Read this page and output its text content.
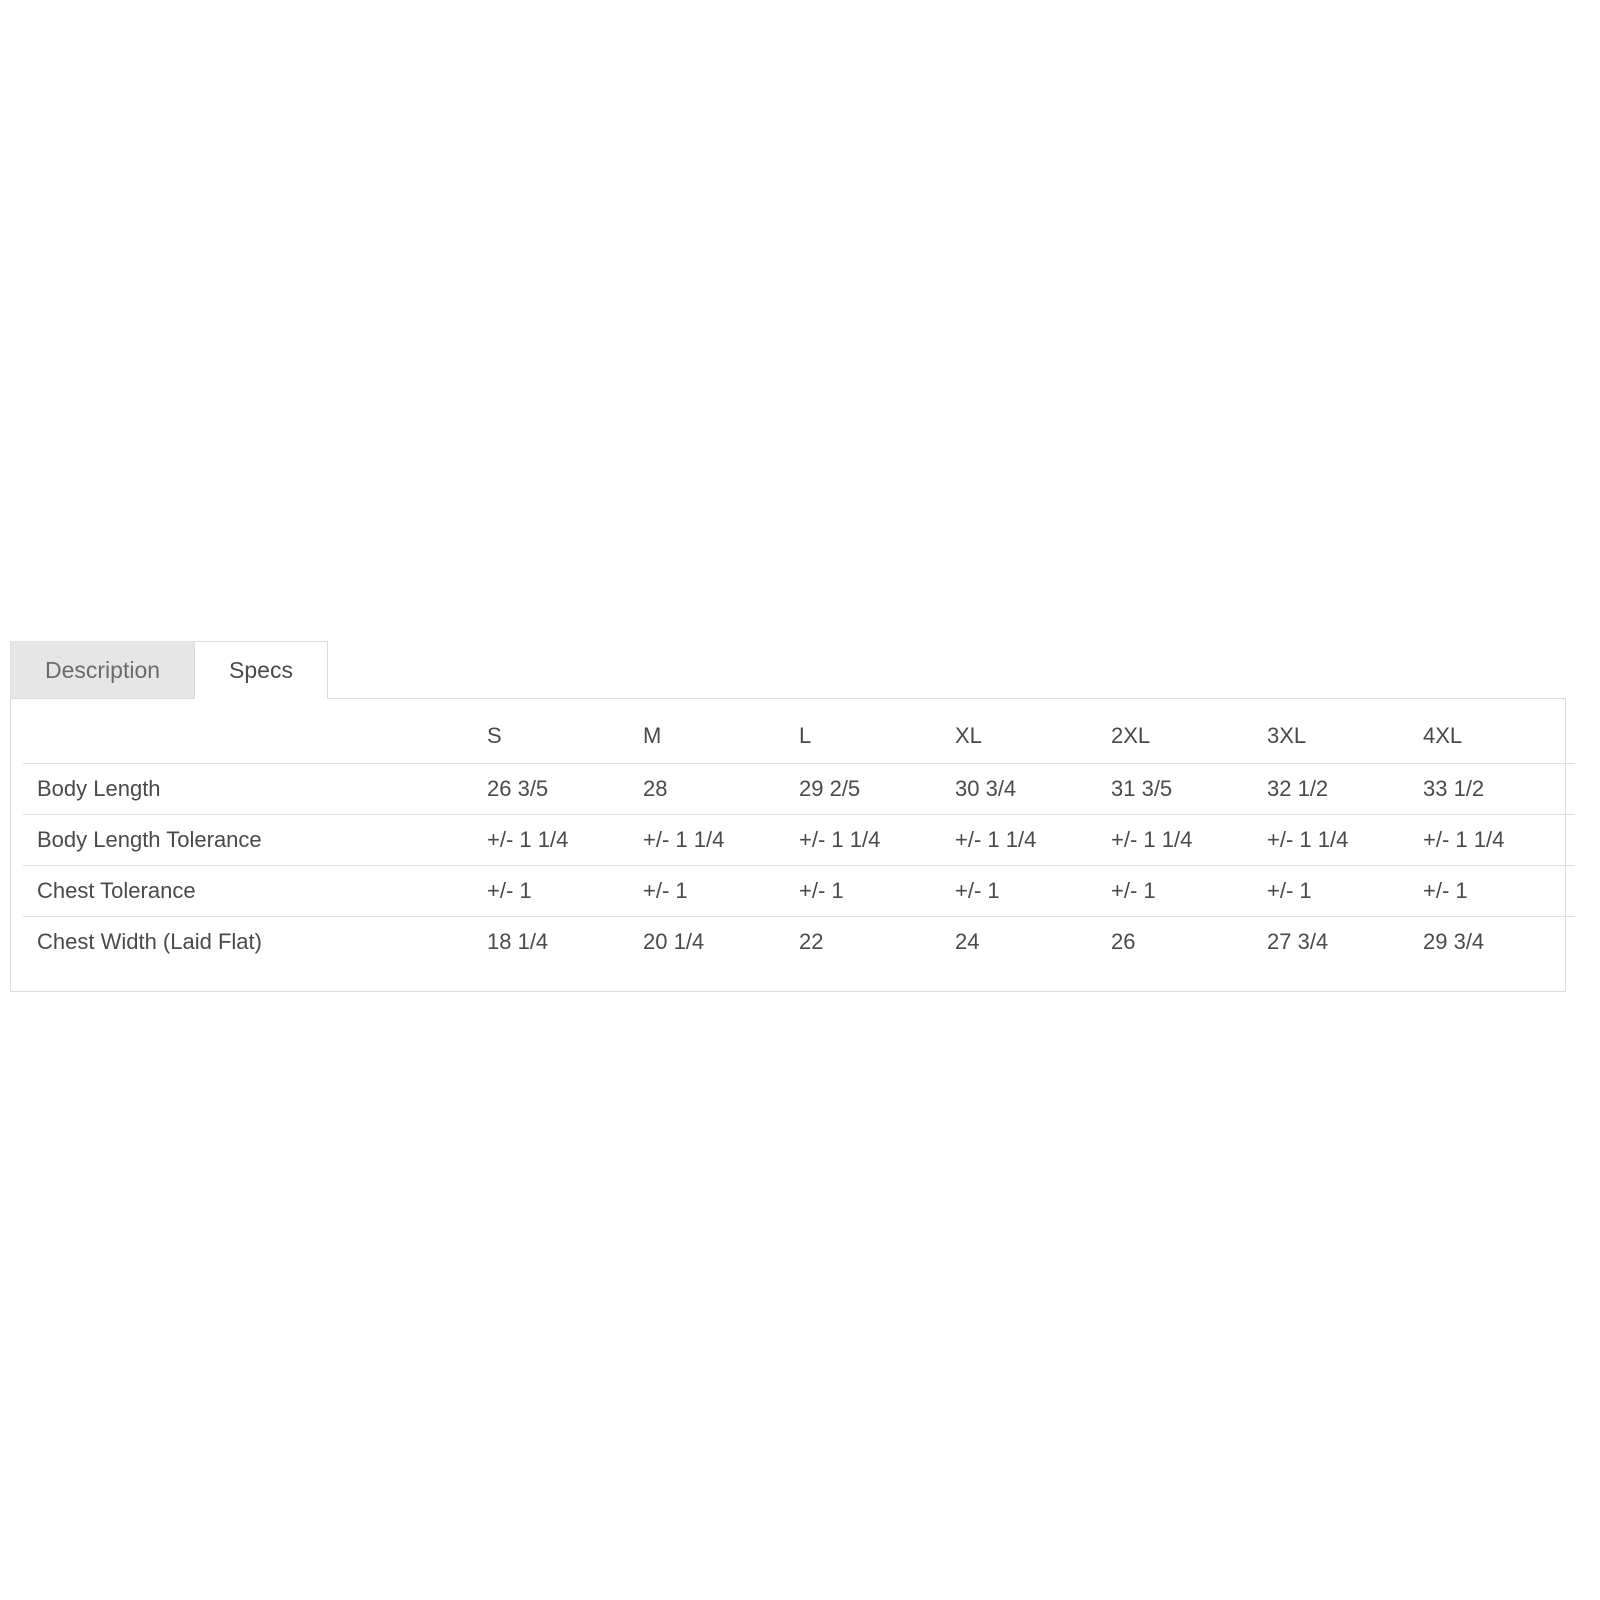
Description	Specs
	S	M	L	XL	2XL	3XL	4XL
Body Length	26 3/5	28	29 2/5	30 3/4	31 3/5	32 1/2	33 1/2
Body Length Tolerance	+/- 1 1/4	+/- 1 1/4	+/- 1 1/4	+/- 1 1/4	+/- 1 1/4	+/- 1 1/4	+/- 1 1/4
Chest Tolerance	+/- 1	+/- 1	+/- 1	+/- 1	+/- 1	+/- 1	+/- 1
Chest Width (Laid Flat)	18 1/4	20 1/4	22	24	26	27 3/4	29 3/4
